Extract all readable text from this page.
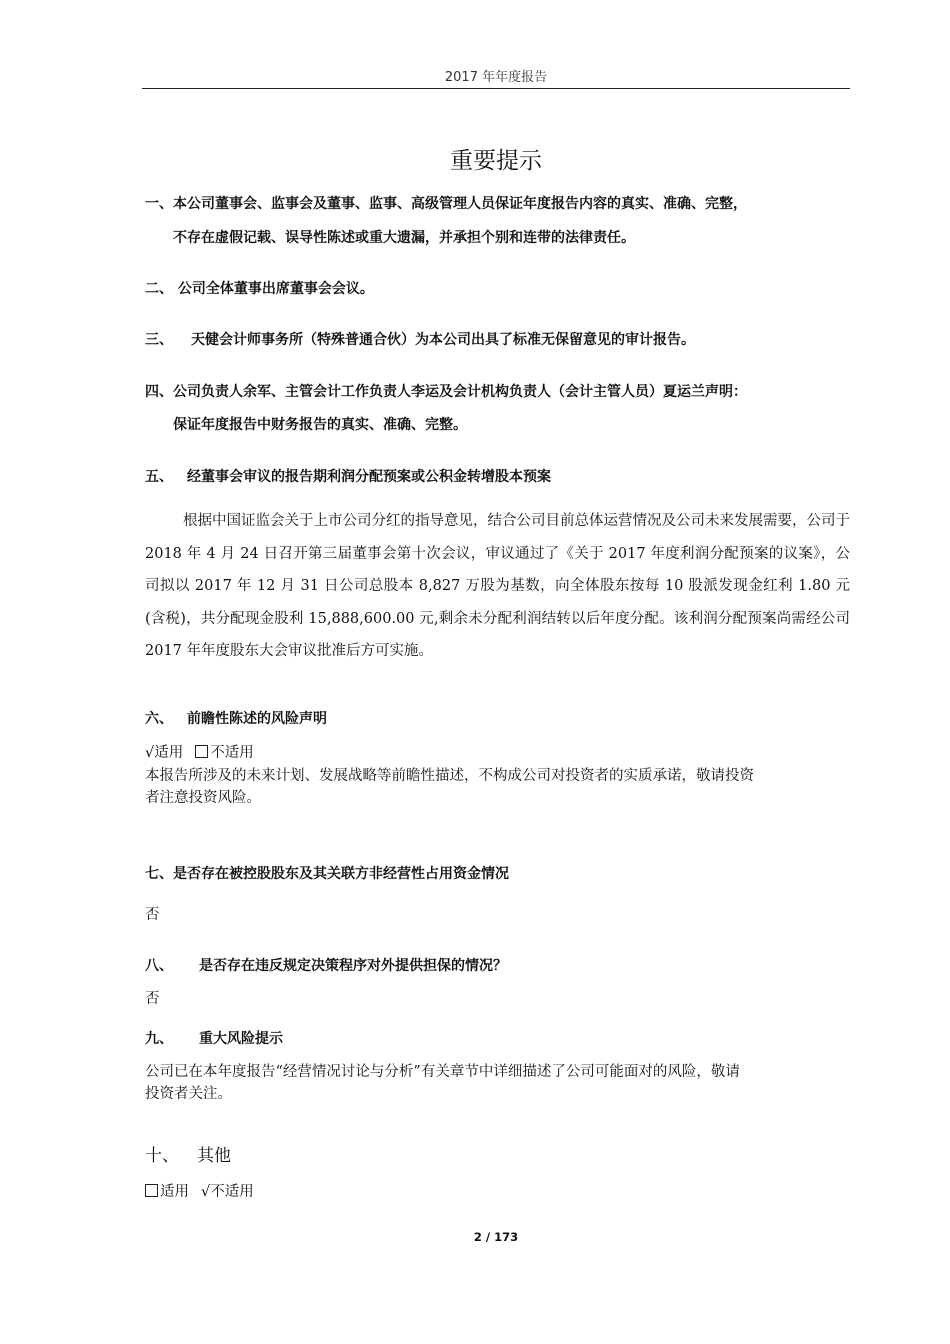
2017 年年度报告
重要提示
一、本公司董事会、监事会及董事、监事、高级管理人员保证年度报告内容的真实、准确、完整，
不存在虚假记载、误导性陈述或重大遗漏，并承担个别和连带的法律责任。
二、 公司全体董事出席董事会会议。
三、 天健会计师事务所（特殊普通合伙）为本公司出具了标准无保留意见的审计报告。
四、公司负责人余军、主管会计工作负责人李运及会计机构负责人（会计主管人员）夏运兰声明：
保证年度报告中财务报告的真实、准确、完整。
五、 经董事会审议的报告期利润分配预案或公积金转增股本预案
根据中国证监会关于上市公司分红的指导意见，结合公司目前总体运营情况及公司未来发展需要，公司于 2018 年 4 月 24 日召开第三届董事会第十次会议，审议通过了《关于 2017 年度利润分配预案的议案》，公司拟以 2017 年 12 月 31 日公司总股本 8,827 万股为基数，向全体股东按每 10 股派发现金红利 1.80 元(含税)，共分配现金股利 15,888,600.00 元,剩余未分配利润结转以后年度分配。该利润分配预案尚需经公司 2017 年年度股东大会审议批准后方可实施。
六、 前瞻性陈述的风险声明
√适用 不适用
本报告所涉及的未来计划、发展战略等前瞻性描述，不构成公司对投资者的实质承诺，敬请投资
者注意投资风险。
七、是否存在被控股股东及其关联方非经营性占用资金情况
否
八、 是否存在违反规定决策程序对外提供担保的情况？
否
九、 重大风险提示
公司已在本年度报告“经营情况讨论与分析”有关章节中详细描述了公司可能面对的风险，敬请
投资者关注。
十、 其他
适用 √不适用
2 / 173
